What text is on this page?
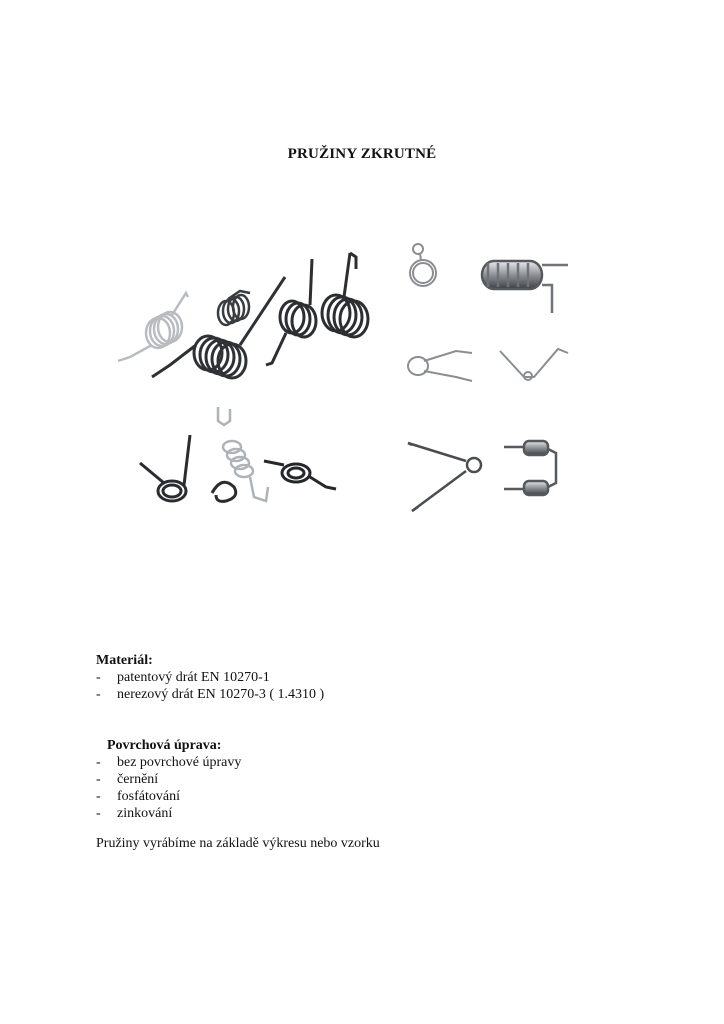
PRUŽINY ZKRUTNÉ
Materiál:
-	patentový drát EN 10270-1
-	nerezový drát EN 10270-3 ( 1.4310 )
Povrchová úprava:
-	bez povrchové úpravy
-	černění
-	fosfátování
-	zinkování
Pružiny vyrábíme na základě výkresu nebo vzorku
